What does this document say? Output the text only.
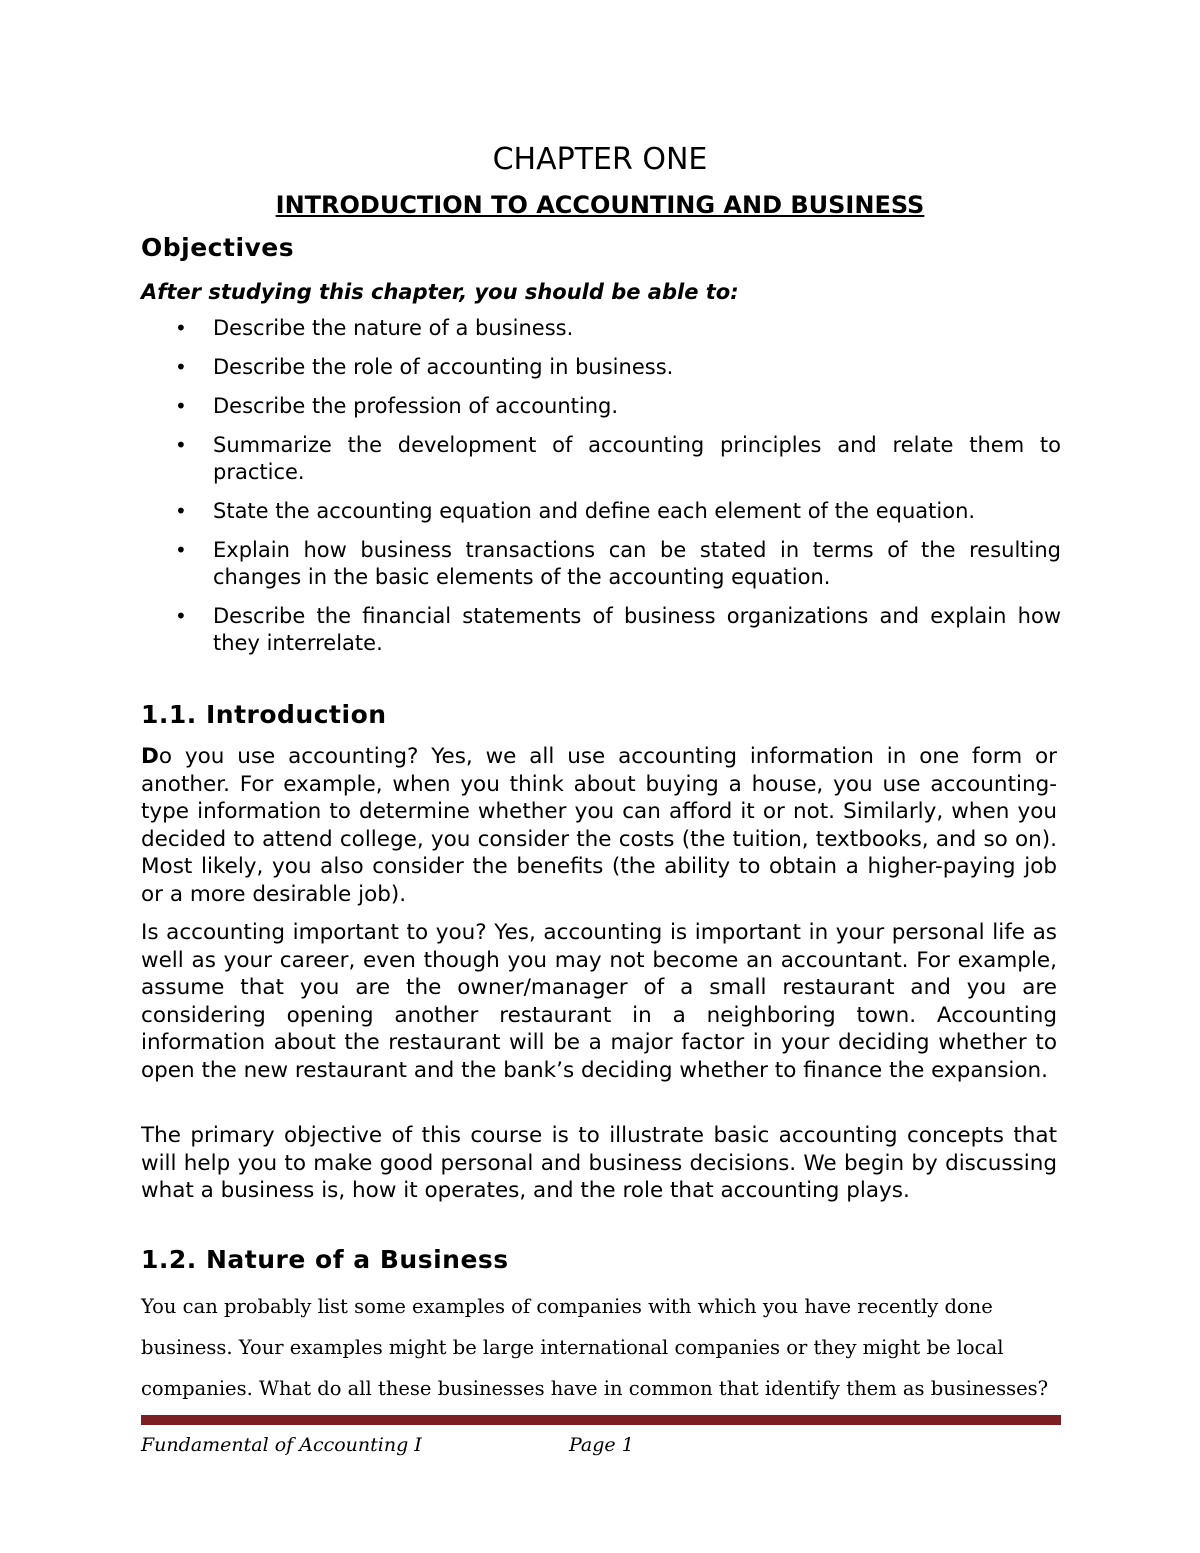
CHAPTER ONE
INTRODUCTION TO ACCOUNTING AND BUSINESS
Objectives

After studying this chapter, you should be able to:

• Describe the nature of a business.
• Describe the role of accounting in business.
• Describe the profession of accounting.
• Summarize the development of accounting principles and relate them to practice.
• State the accounting equation and define each element of the equation.
• Explain how business transactions can be stated in terms of the resulting changes in the basic elements of the accounting equation.
• Describe the financial statements of business organizations and explain how they interrelate.
1.1. Introduction

Do you use accounting? Yes, we all use accounting information in one form or another. For example, when you think about buying a house, you use accounting-type information to determine whether you can afford it or not. Similarly, when you decided to attend college, you consider the costs (the tuition, textbooks, and so on). Most likely, you also consider the benefits (the ability to obtain a higher-paying job or a more desirable job).

Is accounting important to you? Yes, accounting is important in your personal life as well as your career, even though you may not become an accountant. For example, assume that you are the owner/manager of a small restaurant and you are considering opening another restaurant in a neighboring town. Accounting information about the restaurant will be a major factor in your deciding whether to open the new restaurant and the bank’s deciding whether to finance the expansion.

The primary objective of this course is to illustrate basic accounting concepts that will help you to make good personal and business decisions. We begin by discussing what a business is, how it operates, and the role that accounting plays.

1.2. Nature of a Business

You can probably list some examples of companies with which you have recently done business. Your examples might be large international companies or they might be local companies. What do all these businesses have in common that identify them as businesses?

Fundamental of Accounting I	Page 1
